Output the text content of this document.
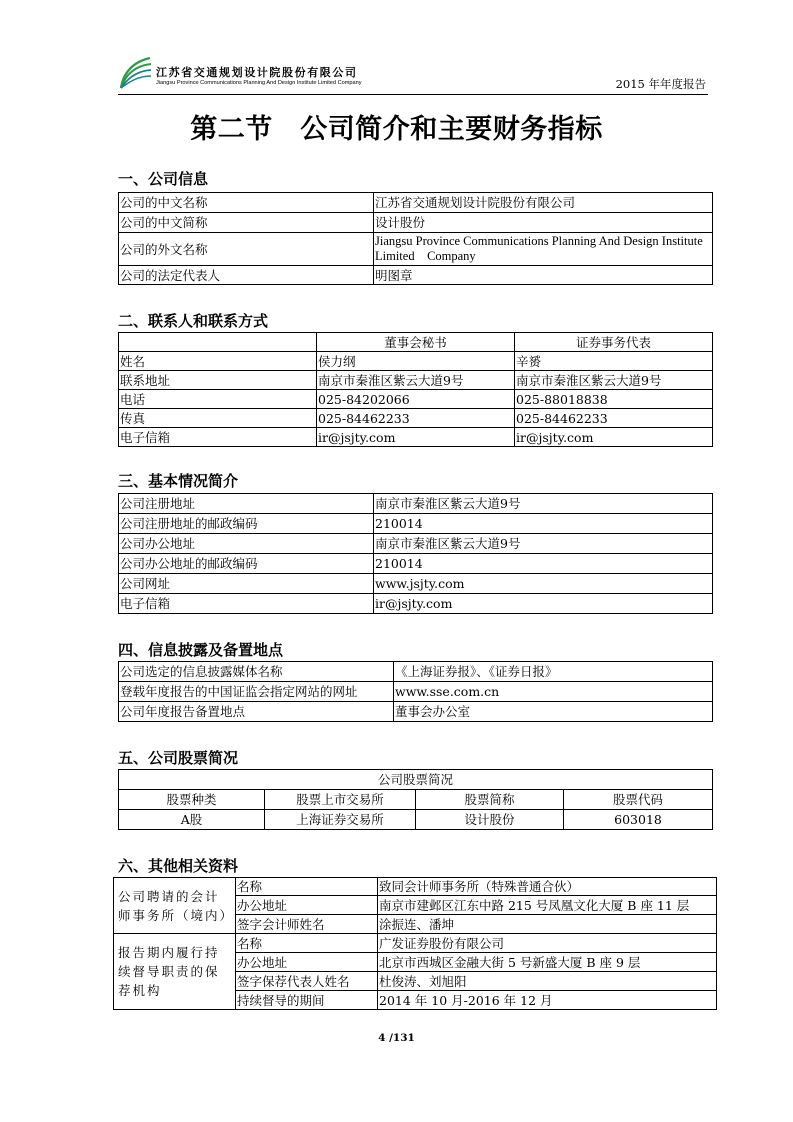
江苏省交通规划设计院股份有限公司
Jiangsu Province Communications Planning And Design Institute Limited Company	2015 年年度报告
第二节　公司简介和主要财务指标
一、公司信息
公司的中文名称	江苏省交通规划设计院股份有限公司
公司的中文简称	设计股份
公司的外文名称	Jiangsu Province Communications Planning And Design Institute Limited　Company
公司的法定代表人	明图章
二、联系人和联系方式
	董事会秘书	证券事务代表
姓名	侯力纲	辛赟
联系地址	南京市秦淮区紫云大道9号	南京市秦淮区紫云大道9号
电话	025-84202066	025-88018838
传真	025-84462233	025-84462233
电子信箱	ir@jsjty.com	ir@jsjty.com
三、基本情况简介
公司注册地址	南京市秦淮区紫云大道9号
公司注册地址的邮政编码	210014
公司办公地址	南京市秦淮区紫云大道9号
公司办公地址的邮政编码	210014
公司网址	www.jsjty.com
电子信箱	ir@jsjty.com
四、信息披露及备置地点
公司选定的信息披露媒体名称	《上海证券报》、《证券日报》
登载年度报告的中国证监会指定网站的网址	www.sse.com.cn
公司年度报告备置地点	董事会办公室
五、公司股票简况
公司股票简况			
股票种类	股票上市交易所	股票简称	股票代码
A股	上海证券交易所	设计股份	603018
六、其他相关资料
公司聘请的会计师事务所（境内）	名称	致同会计师事务所（特殊普通合伙）
	办公地址	南京市建邺区江东中路 215 号凤凰文化大厦 B 座 11 层
	签字会计师姓名	涂振连、潘坤
报告期内履行持续督导职责的保荐机构	名称	广发证券股份有限公司
	办公地址	北京市西城区金融大街 5 号新盛大厦 B 座 9 层
	签字保荐代表人姓名	杜俊涛、刘旭阳
	持续督导的期间	2014 年 10 月-2016 年 12 月
4 /131
